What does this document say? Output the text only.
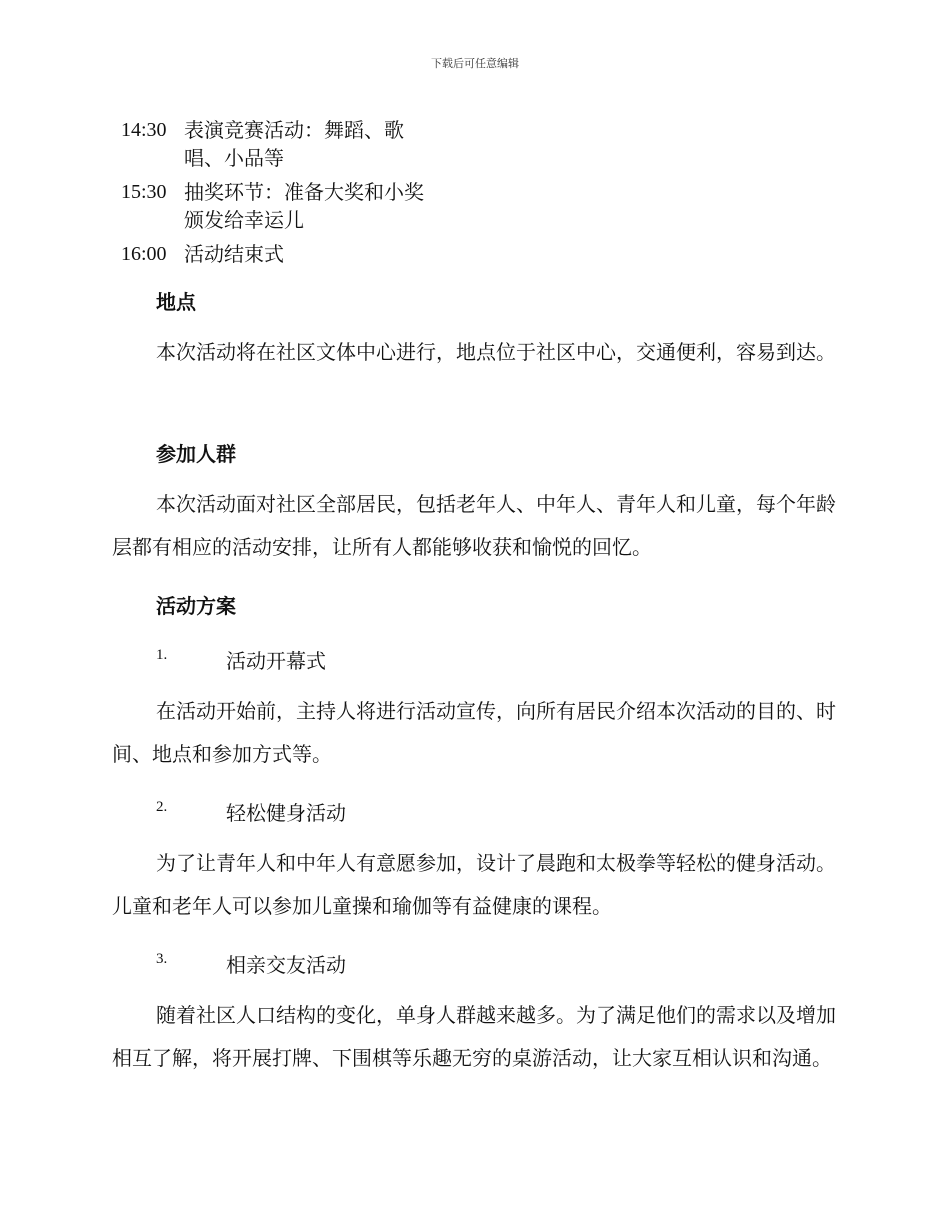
下载后可任意编辑
14:30 表演竞赛活动：舞蹈、歌唱、小品等
15:30 抽奖环节：准备大奖和小奖颁发给幸运儿
16:00 活动结束式
地点
本次活动将在社区文体中心进行，地点位于社区中心，交通便利，容易到达。
参加人群
本次活动面对社区全部居民，包括老年人、中年人、青年人和儿童，每个年龄层都有相应的活动安排，让所有人都能够收获和愉悦的回忆。
活动方案
1.	活动开幕式
在活动开始前，主持人将进行活动宣传，向所有居民介绍本次活动的目的、时间、地点和参加方式等。
2.	轻松健身活动
为了让青年人和中年人有意愿参加，设计了晨跑和太极拳等轻松的健身活动。儿童和老年人可以参加儿童操和瑜伽等有益健康的课程。
3.	相亲交友活动
随着社区人口结构的变化，单身人群越来越多。为了满足他们的需求以及增加相互了解，将开展打牌、下围棋等乐趣无穷的桌游活动，让大家互相认识和沟通。
